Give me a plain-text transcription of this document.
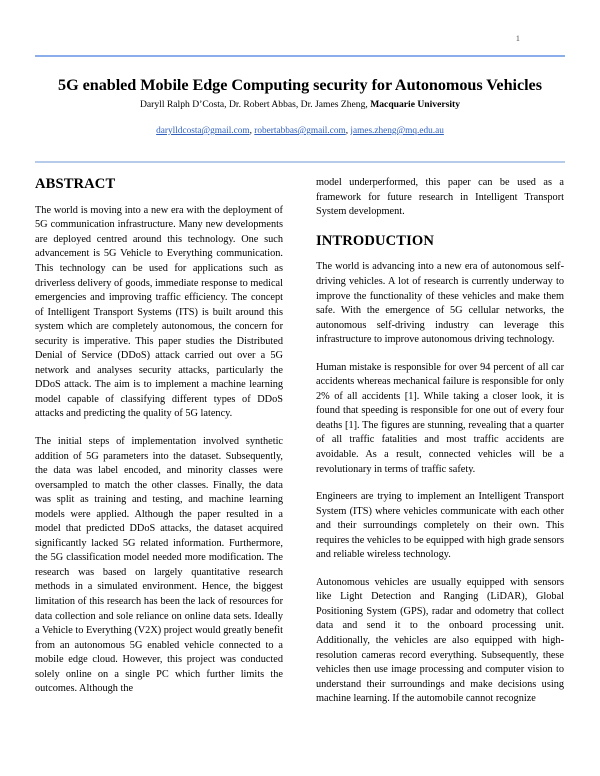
1
5G enabled Mobile Edge Computing security for Autonomous Vehicles
Daryll Ralph D’Costa, Dr. Robert Abbas, Dr. James Zheng, Macquarie University
darylldcosta@gmail.com, robertabbas@gmail.com, james.zheng@mq.edu.au
ABSTRACT

The world is moving into a new era with the deployment of 5G communication infrastructure. Many new developments are deployed centred around this technology. One such advancement is 5G Vehicle to Everything communication. This technology can be used for applications such as driverless delivery of goods, immediate response to medical emergencies and improving traffic efficiency. The concept of Intelligent Transport Systems (ITS) is built around this system which are completely autonomous, the concern for security is imperative. This paper studies the Distributed Denial of Service (DDoS) attack carried out over a 5G network and analyses security attacks, particularly the DDoS attack. The aim is to implement a machine learning model capable of classifying different types of DDoS attacks and predicting the quality of 5G latency.

The initial steps of implementation involved synthetic addition of 5G parameters into the dataset. Subsequently, the data was label encoded, and minority classes were oversampled to match the other classes. Finally, the data was split as training and testing, and machine learning models were applied. Although the paper resulted in a model that predicted DDoS attacks, the dataset acquired significantly lacked 5G related information. Furthermore, the 5G classification model needed more modification. The research was based on largely quantitative research methods in a simulated environment. Hence, the biggest limitation of this research has been the lack of resources for data collection and sole reliance on online data sets. Ideally a Vehicle to Everything (V2X) project would greatly benefit from an autonomous 5G enabled vehicle connected to a mobile edge cloud. However, this project was conducted solely online on a single PC which further limits the outcomes. Although the

model underperformed, this paper can be used as a framework for future research in Intelligent Transport System development.

INTRODUCTION

The world is advancing into a new era of autonomous self-driving vehicles. A lot of research is currently underway to improve the functionality of these vehicles and make them safe. With the emergence of 5G cellular networks, the autonomous self-driving industry can leverage this infrastructure to improve autonomous driving technology.

Human mistake is responsible for over 94 percent of all car accidents whereas mechanical failure is responsible for only 2% of all accidents [1]. While taking a closer look, it is found that speeding is responsible for one out of every four deaths [1]. The figures are stunning, revealing that a quarter of all traffic fatalities and most traffic accidents are avoidable. As a result, connected vehicles will be a revolutionary in terms of traffic safety.

Engineers are trying to implement an Intelligent Transport System (ITS) where vehicles communicate with each other and their surroundings completely on their own. This requires the vehicles to be equipped with high grade sensors and reliable wireless technology.

Autonomous vehicles are usually equipped with sensors like Light Detection and Ranging (LiDAR), Global Positioning System (GPS), radar and odometry that collect data and send it to the onboard processing unit. Additionally, the vehicles are also equipped with high-resolution cameras record everything. Subsequently, these vehicles then use image processing and computer vision to understand their surroundings and make decisions using machine learning. If the automobile cannot recognize
